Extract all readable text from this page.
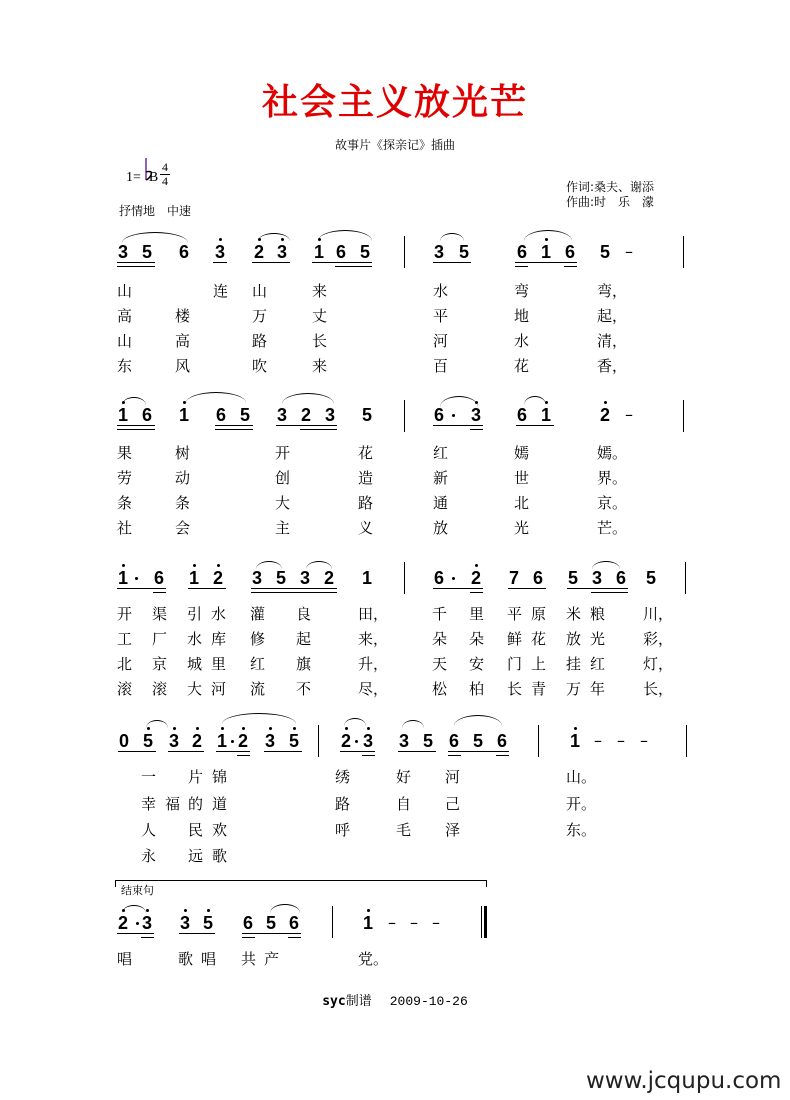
社会主义放光芒
故事片《探亲记》插曲
1= B
4
4
抒情地　中速
作词:桑夫、谢添
作曲:时　乐　濛
3 5 6 3 2 3 1 6 5	3 5	6 1 6 5 –
山	连 山	来	水	弯	弯，
高	楼	万	丈	平	地	起，
山	高	路	长	河	水	清，
东	风	吹	来	百	花	香，
1 6 1 6 5 3 2 3 5	6 3 6 1	2 –
果	树	开	花	红	嫣	嫣。
劳	动	创	造	新	世	界。
条	条	大	路	通	北	京。
社	会	主	义	放	光	芒。
1 6 1 2 3 5 3 2 1	6 2 7 6 5 3 6 5
开 渠 引 水 灌 良	田，	千 里 平 原 米 粮	川，
工 厂 水 库 修 起	来，	朵 朵 鲜 花 放 光	彩，
北 京 城 里 红 旗	升，	天 安 门 上 挂 红	灯，
滚 滚 大 河 流 不	尽，	松 柏 长 青 万 年	长，
0 5 3 2 1 2 3 5 2 3 3 5 6 5 6	1 – – –
一 片 锦	绣	好 河	山。
幸 福 的 道	路	自 己	开。
人 民 欢	呼	毛 泽	东。
永 远 歌
结束句
2 3 3 5 6 5 6	1 – – –
唱	歌 唱 共 产	党。
syc制谱 2009-10-26
www.jcqupu.com
